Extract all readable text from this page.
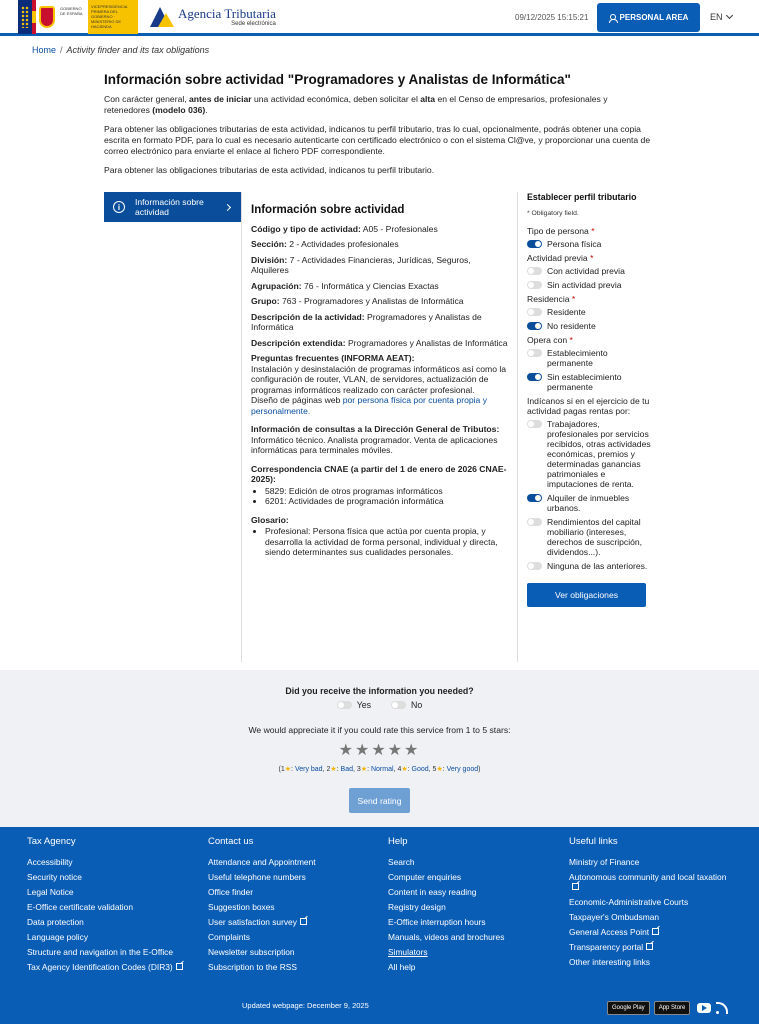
GOBIERNO DE ESPAÑA
VICEPRESIDENCIA PRIMERA DEL GOBIERNO · MINISTERIO DE HACIENDA
Agencia Tributaria
Sede electrónica
09/12/2025 15:15:21	PERSONAL AREA EN
Home / Activity finder and its tax obligations
Información sobre actividad "Programadores y Analistas de Informática"

Con carácter general, antes de iniciar una actividad económica, deben solicitar el alta en el Censo de empresarios, profesionales y retenedores (modelo 036).

Para obtener las obligaciones tributarias de esta actividad, indicanos tu perfil tributario, tras lo cual, opcionalmente, podrás obtener una copia escrita en formato PDF, para lo cual es necesario autenticarte con certificado electrónico o con el sistema Cl@ve, y proporcionar una cuenta de correo electrónico para enviarte el enlace al fichero PDF correspondiente.

Para obtener las obligaciones tributarias de esta actividad, indicanos tu perfil tributario.

i	Información sobre actividad	Información sobre actividad
Código y tipo de actividad: A05 - Profesionales
Sección: 2 - Actividades profesionales
División: 7 - Actividades Financieras, Jurídicas, Seguros, Alquileres
Agrupación: 76 - Informática y Ciencias Exactas
Grupo: 763 - Programadores y Analistas de Informática
Descripción de la actividad: Programadores y Analistas de Informática
Descripción extendida: Programadores y Analistas de Informática
Preguntas frecuentes (INFORMA AEAT):
Instalación y desinstalación de programas informáticos así como la configuración de router, VLAN, de servidores, actualización de programas informáticos realizado con carácter profesional.
Diseño de páginas web por persona física por cuenta propia y personalmente.
Información de consultas a la Dirección General de Tributos:
Informático técnico. Analista programador. Venta de aplicaciones informáticas para terminales móviles.
Correspondencia CNAE (a partir del 1 de enero de 2026 CNAE-2025):
• 5829: Edición de otros programas informáticos
• 6201: Actividades de programación informática
Glosario:
• Profesional: Persona física que actúa por cuenta propia, y desarrolla la actividad de forma personal, individual y directa, siendo determinantes sus cualidades personales.
Establecer perfil tributario
* Obligatory field.
Tipo de persona *
Persona física
Actividad previa *
Con actividad previa
Sin actividad previa
Residencia *
Residente
No residente
Opera con *
Establecimiento permanente
Sin establecimiento permanente
Indícanos si en el ejercicio de tu actividad pagas rentas por:
Trabajadores, profesionales por servicios recibidos, otras actividades económicas, premios y determinadas ganancias patrimoniales e imputaciones de renta.
Alquiler de inmuebles urbanos.
Rendimientos del capital mobiliario (intereses, derechos de suscripción, dividendos...).
Ninguna de las anteriores.
Ver obligaciones
Did you receive the information you needed?
Yes	No
We would appreciate it if you could rate this service from 1 to 5 stars:
★★★★★
(1★: Very bad, 2★: Bad, 3★: Normal, 4★: Good, 5★: Very good)
Send rating
Tax Agency
Accessibility
Security notice
Legal Notice
E-Office certificate validation
Data protection
Language policy
Structure and navigation in the E-Office
Tax Agency Identification Codes (DIR3)
Contact us
Attendance and Appointment
Useful telephone numbers
Office finder
Suggestion boxes
User satisfaction survey
Complaints
Newsletter subscription
Subscription to the RSS
Help
Search
Computer enquiries
Content in easy reading
Registry design
E-Office interruption hours
Manuals, videos and brochures
Simulators
All help
Useful links
Ministry of Finance
Autonomous community and local taxation
Economic-Administrative Courts
Taxpayer's Ombudsman
General Access Point
Transparency portal
Other interesting links
Updated webpage: December 9, 2025	Google Play	App Store
